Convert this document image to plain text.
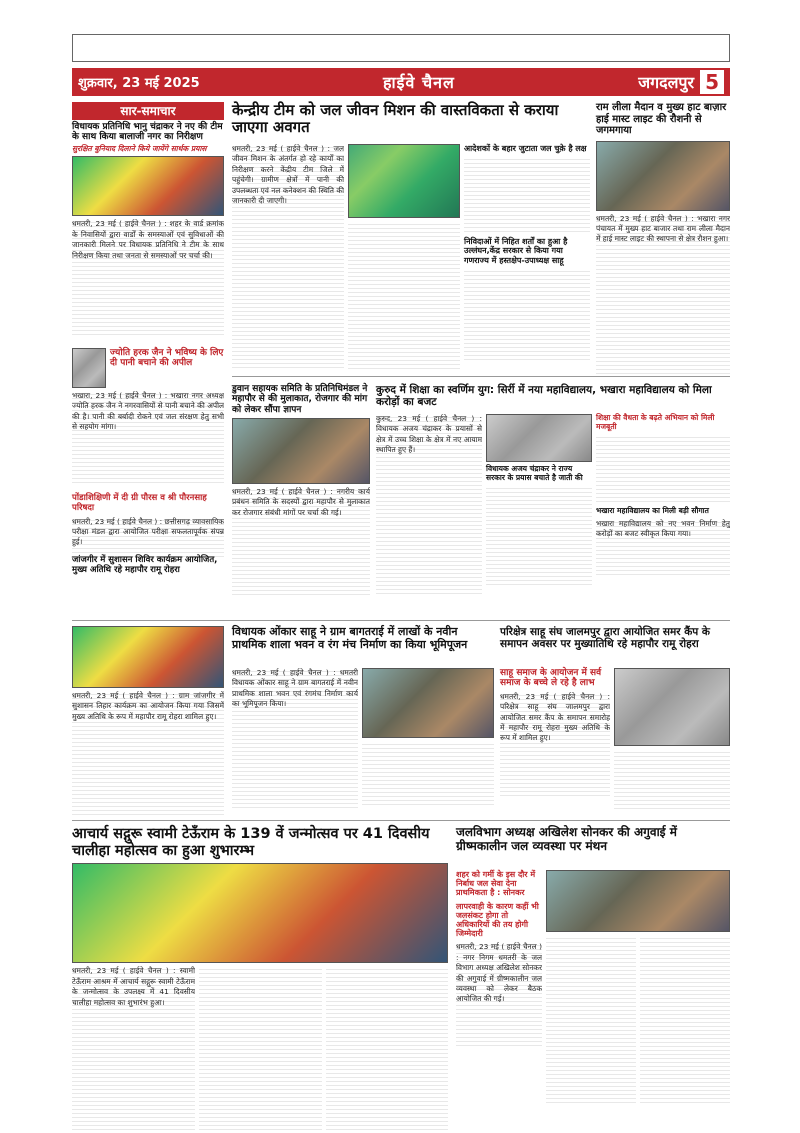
शुक्रवार, 23 मई 2025	हाईवे चैनल	जगदलपुर 5
सार-समाचार
विधायक प्रतिनिधि भानु चंद्राकर ने नए की टीम के साथ किया बालाजी नगर का निरीक्षण
सुरक्षित बुनियाद दिलाने किये जायेंगे सार्थक प्रयास
धमतरी, 23 मई ( हाईवे चैनल ) : शहर के वार्ड क्रमांक के निवासियों द्वारा वार्डों के समस्याओं एवं सुविधाओं की जानकारी मिलने पर विधायक प्रतिनिधि ने टीम के साथ निरीक्षण किया तथा जनता से समस्याओं पर चर्चा की।
ज्योति हरक जैन ने भविष्य के लिए दी पानी बचाने की अपील
भखारा, 23 मई ( हाईवे चैनल ) : भखारा नगर अध्यक्ष ज्योति हरक जैन ने नगरवासियों से पानी बचाने की अपील की है। पानी की बर्बादी रोकने एवं जल संरक्षण हेतु सभी से सहयोग मांगा।
पोंडाशिक्षिणी में दी ग्री पौरस व श्री पौरनसाह परिषदा
धमतरी, 23 मई ( हाईवे चैनल ) : छत्तीसगढ़ व्यावसायिक परीक्षा मंडल द्वारा आयोजित परीक्षा सफलतापूर्वक संपन्न हुई।
जांजगीर में सुशासन शिविर कार्यक्रम आयोजित, मुख्य अतिथि रहे महापौर रामू रोहरा
केन्द्रीय टीम को जल जीवन मिशन की वास्तविकता से कराया जाएगा अवगत
धमतरी, 23 मई ( हाईवे चैनल ) : जल जीवन मिशन के अंतर्गत हो रहे कार्यों का निरीक्षण करने केंद्रीय टीम जिले में पहुंचेगी। ग्रामीण क्षेत्रों में पानी की उपलब्धता एवं नल कनेक्शन की स्थिति की जानकारी दी जाएगी।
आदेशकों के बहार जुटाता जल चुक़े है लक्ष
निविदाओं में निहित शर्तों का हुआ है उल्लंघन,केंद्र सरकार से किया गया गणराज्य में हस्तक्षेप-उपाध्यक्ष साहू
राम लीला मैदान व मुख्य हाट बाज़ार हाई मास्ट लाइट की रौशनी से जगमगाया
धमतरी, 23 मई ( हाईवे चैनल ) : भखारा नगर पंचायत में मुख्य हाट बाजार तथा राम लीला मैदान में हाई मास्ट लाइट की स्थापना से क्षेत्र रौशन हुआ।
डुवान सहायक समिति के प्रतिनिधिमंडल ने महापौर से की मुलाकात, रोजगार की मांग को लेकर सौंपा ज्ञापन
धमतरी, 23 मई ( हाईवे चैनल ) : नगरीय कार्य प्रबंधन समिति के सदस्यों द्वारा महापौर से मुलाकात कर रोजगार संबंधी मांगों पर चर्चा की गई।
कुरुद में शिक्षा का स्वर्णिम युग: सिर्री में नया महाविद्यालय, भखारा महाविद्यालय को मिला करोड़ों का बजट
कुरुद, 23 मई ( हाईवे चैनल ) : विधायक अजय चंद्राकर के प्रयासों से क्षेत्र में उच्च शिक्षा के क्षेत्र में नए आयाम स्थापित हुए हैं।
विधायक अजय चंद्राकर ने राज्य सरकार के प्रयास बचाते है जाती की
शिक्षा की वैधता के बढ़ते अभियान को मिली मजबूती
भखारा महाविद्यालय का मिली बड़ी सौगात
भखारा महाविद्यालय को नए भवन निर्माण हेतु करोड़ों का बजट स्वीकृत किया गया।
धमतरी, 23 मई ( हाईवे चैनल ) : ग्राम जांजगीर में सुशासन तिहार कार्यक्रम का आयोजन किया गया जिसमें मुख्य अतिथि के रूप में महापौर रामू रोहरा शामिल हुए।
विधायक ओंकार साहू ने ग्राम बागतराई में लाखों के नवीन प्राथमिक शाला भवन व रंग मंच निर्माण का किया भूमिपूजन
धमतरी, 23 मई ( हाईवे चैनल ) : धमतरी विधायक ओंकार साहू ने ग्राम बागतराई में नवीन प्राथमिक शाला भवन एवं रंगमंच निर्माण कार्य का भूमिपूजन किया।
परिक्षेत्र साहू संघ जालमपुर द्वारा आयोजित समर कैंप के समापन अवसर पर मुख्यातिथि रहे महापौर रामू रोहरा
साहू समाज के आयोजन में सर्व समाज के बच्चे ले रहे है लाभ
धमतरी, 23 मई ( हाईवे चैनल ) : परिक्षेत्र साहू संघ जालमपुर द्वारा आयोजित समर कैंप के समापन समारोह में महापौर रामू रोहरा मुख्य अतिथि के रूप में शामिल हुए।
आचार्य सद्गुरू स्वामी टेऊँराम के 139 वें जन्मोत्सव पर 41 दिवसीय चालीहा महोत्सव का हुआ शुभारम्भ
धमतरी, 23 मई ( हाईवे चैनल ) : स्वामी टेऊँराम आश्रम में आचार्य सद्गुरू स्वामी टेऊँराम के जन्मोत्सव के उपलक्ष्य में 41 दिवसीय चालीहा महोत्सव का शुभारंभ हुआ।
जलविभाग अध्यक्ष अखिलेश सोनकर की अगुवाई में ग्रीष्मकालीन जल व्यवस्था पर मंथन
शहर को गर्मी के इस दौर में निर्बाध जल सेवा देना प्राथमिकता है : सोनकर
लापरवाही के कारण कहीं भी जलसंकट होगा तो अधिकारियों की तय होगी जिम्मेदारी
धमतरी, 23 मई ( हाईवे चैनल ) : नगर निगम धमतरी के जल विभाग अध्यक्ष अखिलेश सोनकर की अगुवाई में ग्रीष्मकालीन जल व्यवस्था को लेकर बैठक आयोजित की गई।
